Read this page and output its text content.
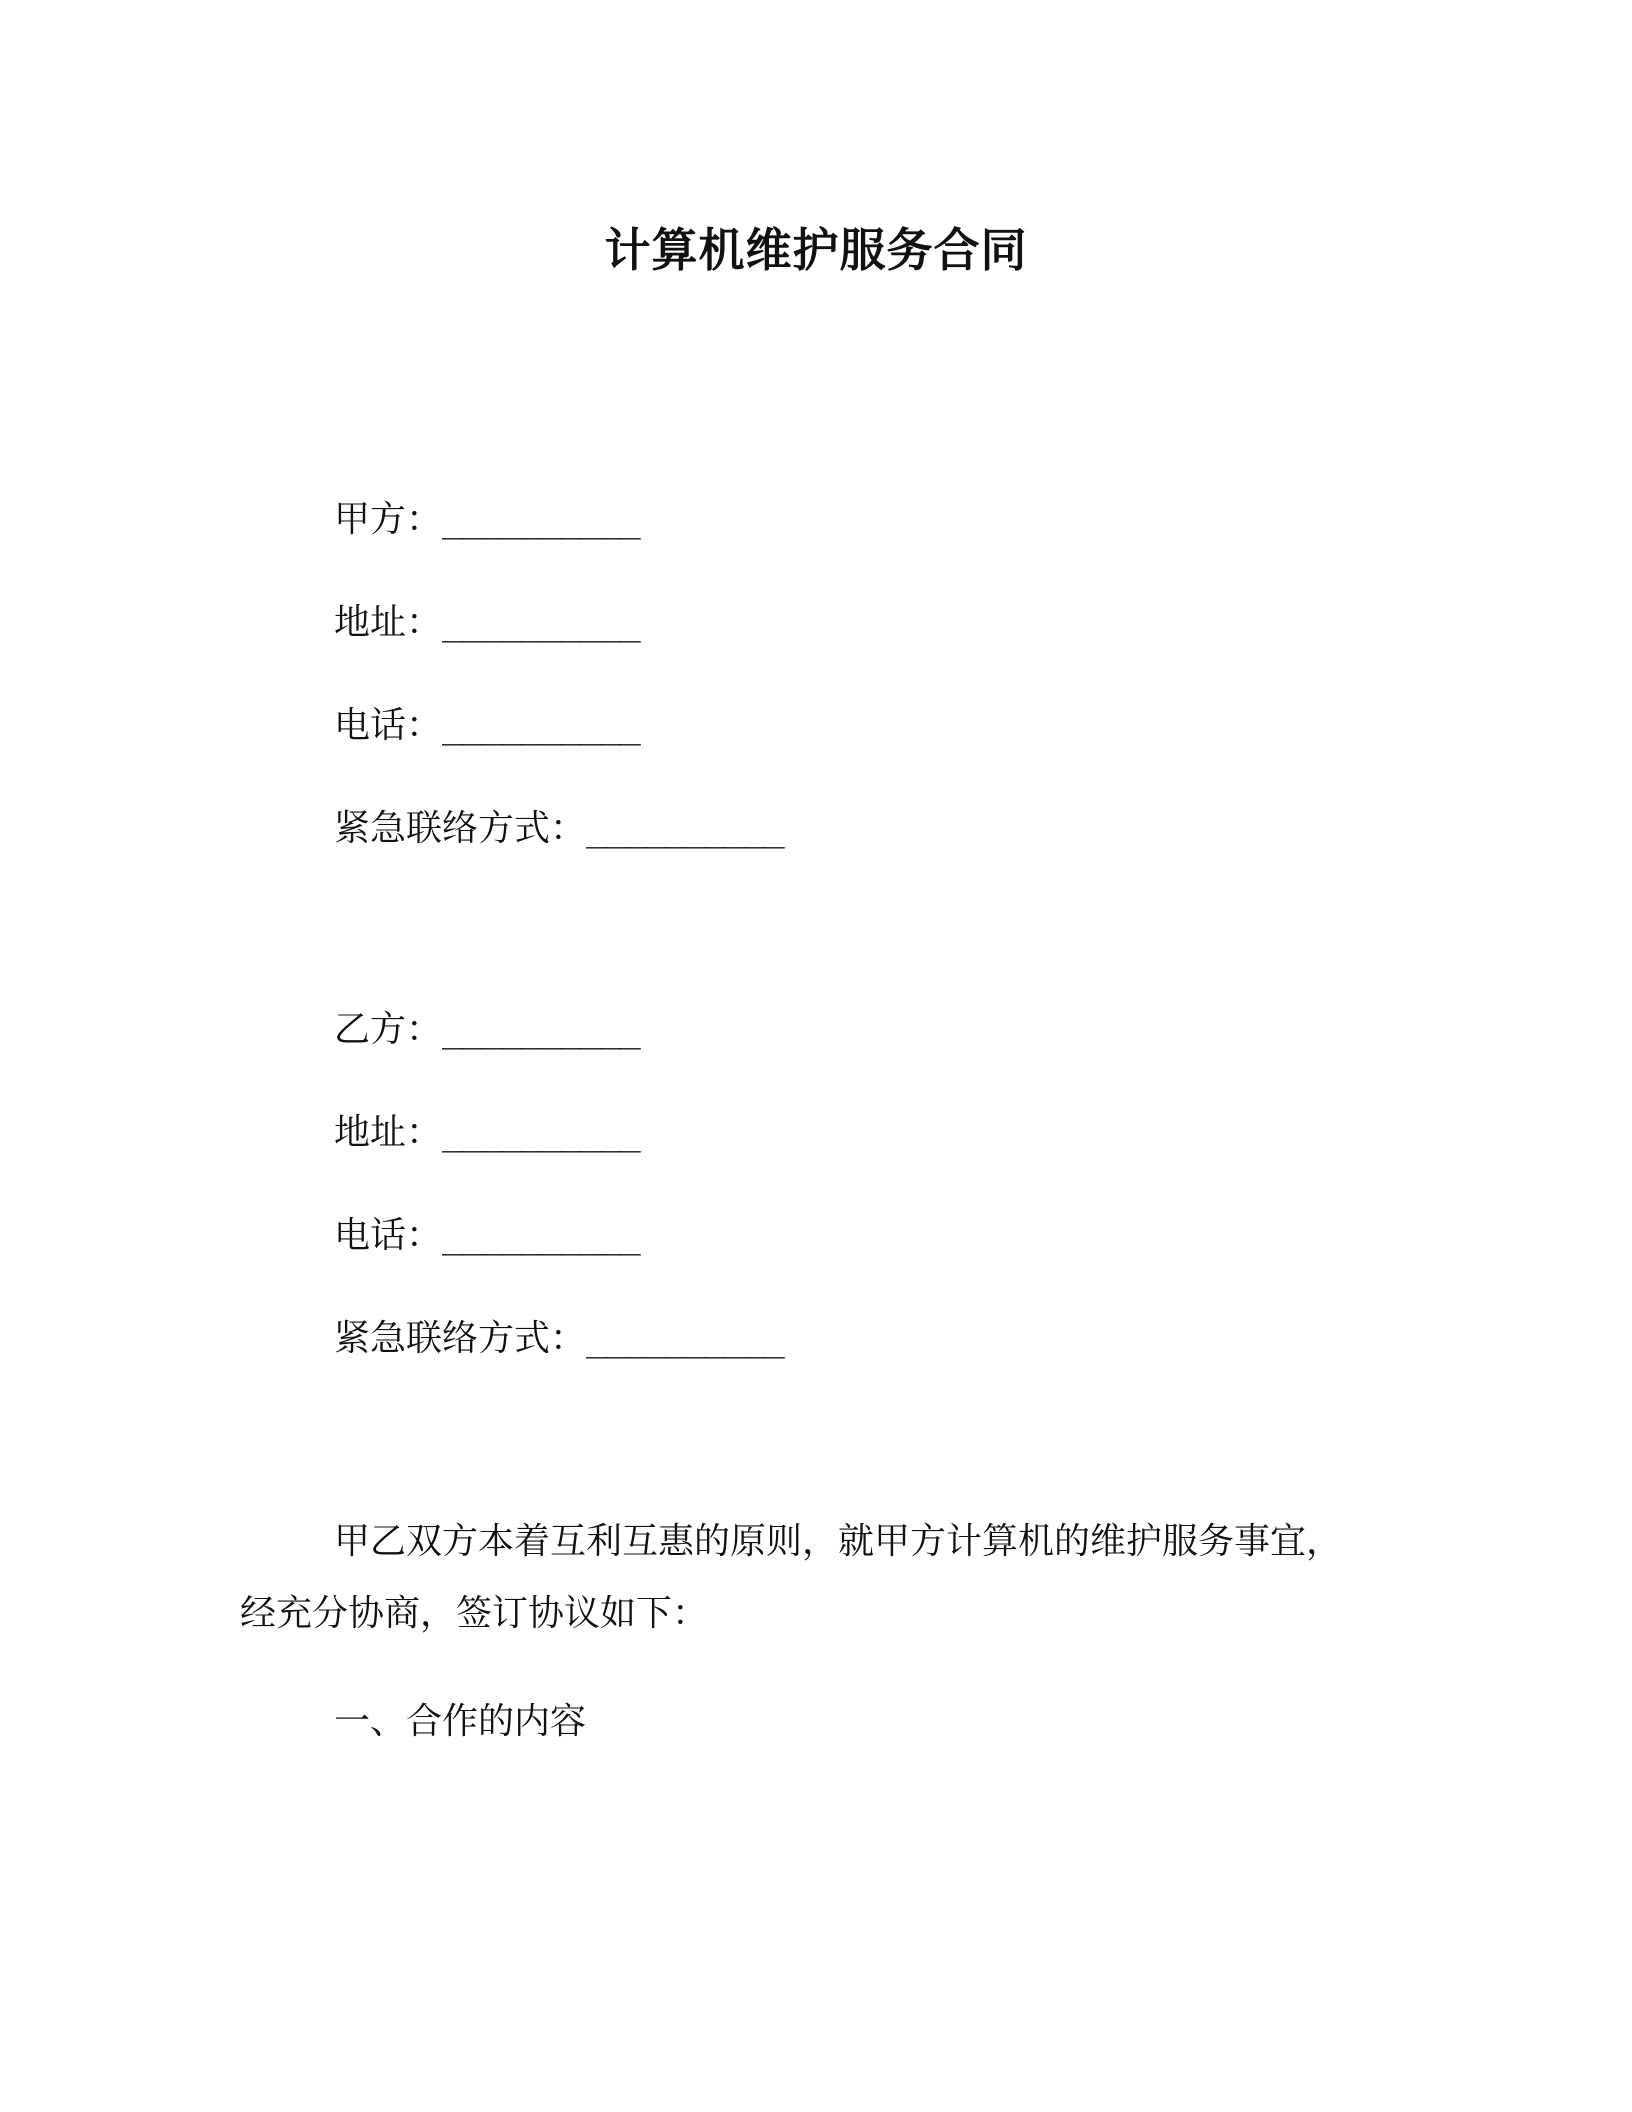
计算机维护服务合同
甲方：__________
地址：__________
电话：__________
紧急联络方式：__________
乙方：__________
地址：__________
电话：__________
紧急联络方式：__________
甲乙双方本着互利互惠的原则，就甲方计算机的维护服务事宜，
经充分协商，签订协议如下：
一、合作的内容
